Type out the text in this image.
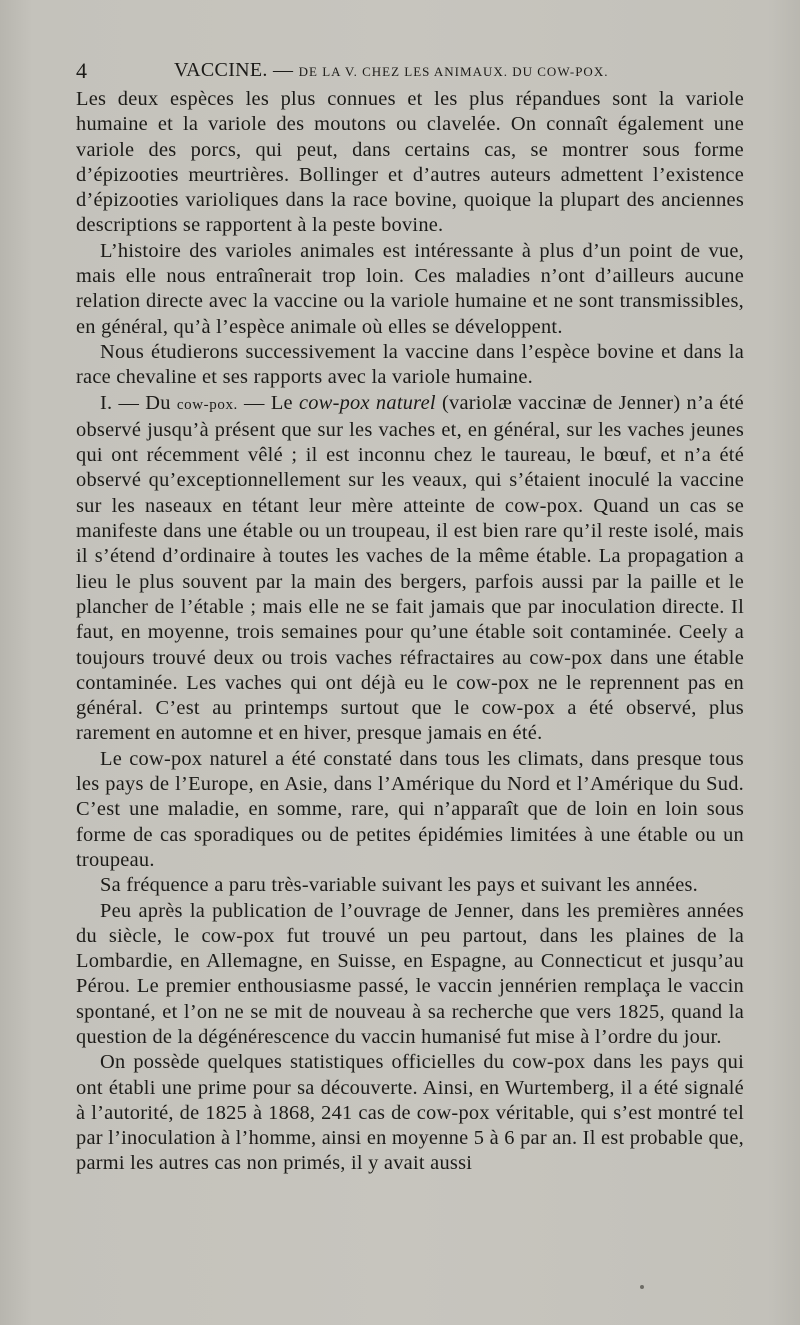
4	VACCINE. — DE LA V. CHEZ LES ANIMAUX. DU COW-POX.

Les deux espèces les plus connues et les plus répandues sont la variole humaine et la variole des moutons ou clavelée. On connaît également une variole des porcs, qui peut, dans certains cas, se montrer sous forme d’épizooties meurtrières. Bollinger et d’autres auteurs admettent l’existence d’épizooties varioliques dans la race bovine, quoique la plupart des anciennes descriptions se rapportent à la peste bovine.

L’histoire des varioles animales est intéressante à plus d’un point de vue, mais elle nous entraînerait trop loin. Ces maladies n’ont d’ailleurs aucune relation directe avec la vaccine ou la variole humaine et ne sont transmissibles, en général, qu’à l’espèce animale où elles se développent.

Nous étudierons successivement la vaccine dans l’espèce bovine et dans la race chevaline et ses rapports avec la variole humaine.

I. — Du cow-pox. — Le cow-pox naturel (variolæ vaccinæ de Jenner) n’a été observé jusqu’à présent que sur les vaches et, en général, sur les vaches jeunes qui ont récemment vêlé ; il est inconnu chez le taureau, le bœuf, et n’a été observé qu’exceptionnellement sur les veaux, qui s’étaient inoculé la vaccine sur les naseaux en tétant leur mère atteinte de cow-pox. Quand un cas se manifeste dans une étable ou un troupeau, il est bien rare qu’il reste isolé, mais il s’étend d’ordinaire à toutes les vaches de la même étable. La propagation a lieu le plus souvent par la main des bergers, parfois aussi par la paille et le plancher de l’étable ; mais elle ne se fait jamais que par inoculation directe. Il faut, en moyenne, trois semaines pour qu’une étable soit contaminée. Ceely a toujours trouvé deux ou trois vaches réfractaires au cow-pox dans une étable contaminée. Les vaches qui ont déjà eu le cow-pox ne le reprennent pas en général. C’est au printemps surtout que le cow-pox a été observé, plus rarement en automne et en hiver, presque jamais en été.

Le cow-pox naturel a été constaté dans tous les climats, dans presque tous les pays de l’Europe, en Asie, dans l’Amérique du Nord et l’Amérique du Sud. C’est une maladie, en somme, rare, qui n’apparaît que de loin en loin sous forme de cas sporadiques ou de petites épidémies limitées à une étable ou un troupeau.

Sa fréquence a paru très-variable suivant les pays et suivant les années.

Peu après la publication de l’ouvrage de Jenner, dans les premières années du siècle, le cow-pox fut trouvé un peu partout, dans les plaines de la Lombardie, en Allemagne, en Suisse, en Espagne, au Connecticut et jusqu’au Pérou. Le premier enthousiasme passé, le vaccin jennérien remplaça le vaccin spontané, et l’on ne se mit de nouveau à sa recherche que vers 1825, quand la question de la dégénérescence du vaccin humanisé fut mise à l’ordre du jour.

On possède quelques statistiques officielles du cow-pox dans les pays qui ont établi une prime pour sa découverte. Ainsi, en Wurtemberg, il a été signalé à l’autorité, de 1825 à 1868, 241 cas de cow-pox véritable, qui s’est montré tel par l’inoculation à l’homme, ainsi en moyenne 5 à 6 par an. Il est probable que, parmi les autres cas non primés, il y avait aussi
